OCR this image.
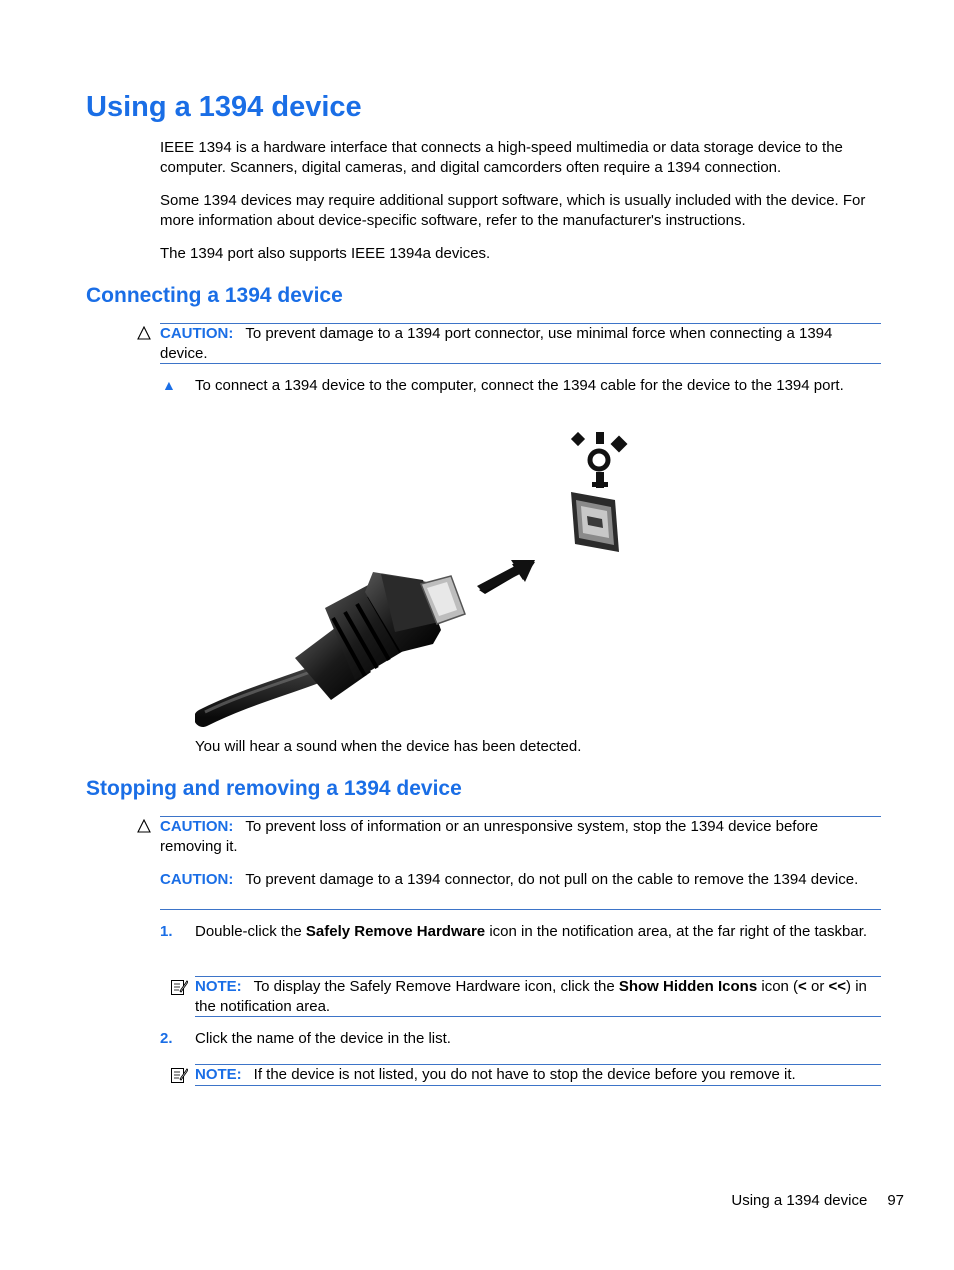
Using a 1394 device

IEEE 1394 is a hardware interface that connects a high-speed multimedia or data storage device to the computer. Scanners, digital cameras, and digital camcorders often require a 1394 connection.

Some 1394 devices may require additional support software, which is usually included with the device. For more information about device-specific software, refer to the manufacturer's instructions.

The 1394 port also supports IEEE 1394a devices.

Connecting a 1394 device

CAUTION: To prevent damage to a 1394 port connector, use minimal force when connecting a 1394 device.

▲ To connect a 1394 device to the computer, connect the 1394 cable for the device to the 1394 port.

You will hear a sound when the device has been detected.

Stopping and removing a 1394 device

CAUTION: To prevent loss of information or an unresponsive system, stop the 1394 device before removing it.

CAUTION: To prevent damage to a 1394 connector, do not pull on the cable to remove the 1394 device.

1. Double-click the Safely Remove Hardware icon in the notification area, at the far right of the taskbar.

NOTE: To display the Safely Remove Hardware icon, click the Show Hidden Icons icon (< or <<) in the notification area.

2. Click the name of the device in the list.

NOTE: If the device is not listed, you do not have to stop the device before you remove it.

Using a 1394 device 97
